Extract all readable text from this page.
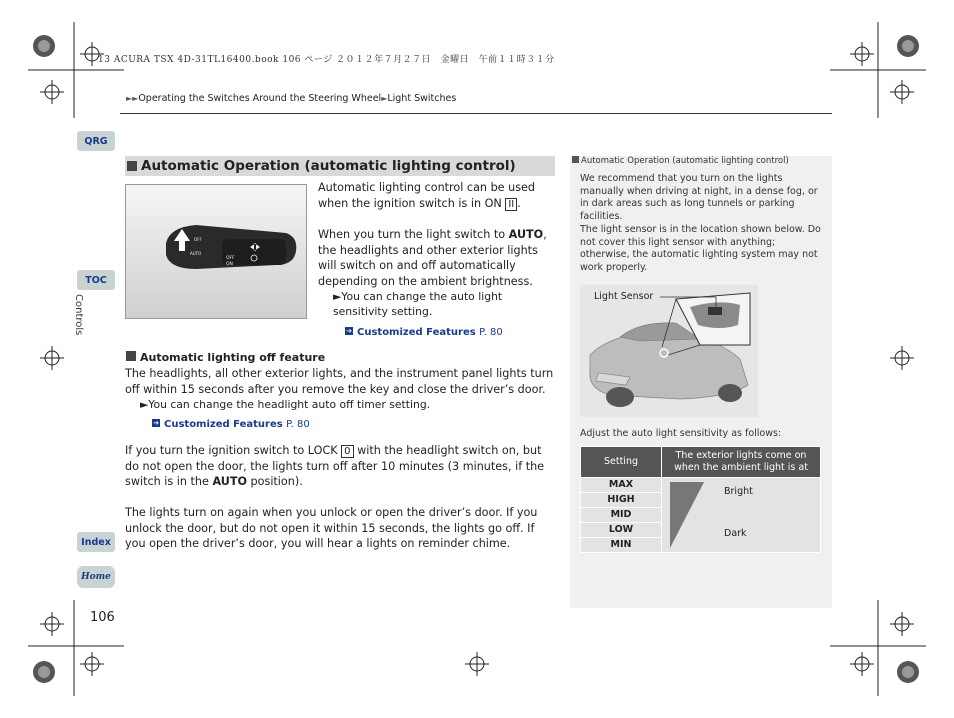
13 ACURA TSX 4D-31TL16400.book 106 ページ ２０１２年７月２７日　金曜日　午前１１時３１分
►►Operating the Switches Around the Steering Wheel►Light Switches
QRG
TOC
Controls
Index
Home
Automatic Operation (automatic lighting control)
OFF
AUTO
OFF
ON

Automatic lighting control can be used when the ignition switch is in ON II .

When you turn the light switch to AUTO, the headlights and other exterior lights will switch on and off automatically depending on the ambient brightness.

►You can change the auto light sensitivity setting.

➔ Customized Features P. 80
Automatic lighting off feature

The headlights, all other exterior lights, and the instrument panel lights turn off within 15 seconds after you remove the key and close the driver’s door.

►You can change the headlight auto off timer setting.

➔ Customized Features P. 80

If you turn the ignition switch to LOCK 0 with the headlight switch on, but do not open the door, the lights turn off after 10 minutes (3 minutes, if the switch is in the AUTO position).

The lights turn on again when you unlock or open the driver’s door. If you unlock the door, but do not open it within 15 seconds, the lights go off. If you open the driver’s door, you will hear a lights on reminder chime.

Automatic Operation (automatic lighting control)

We recommend that you turn on the lights manually when driving at night, in a dense fog, or in dark areas such as long tunnels or parking facilities.

The light sensor is in the location shown below. Do not cover this light sensor with anything; otherwise, the automatic lighting system may not work properly.

Light Sensor

Adjust the auto light sensitivity as follows:

Setting	The exterior lights come on when the ambient light is at

MAX	Bright
Dark

HIGH	

MID	

LOW	

MIN	
106
